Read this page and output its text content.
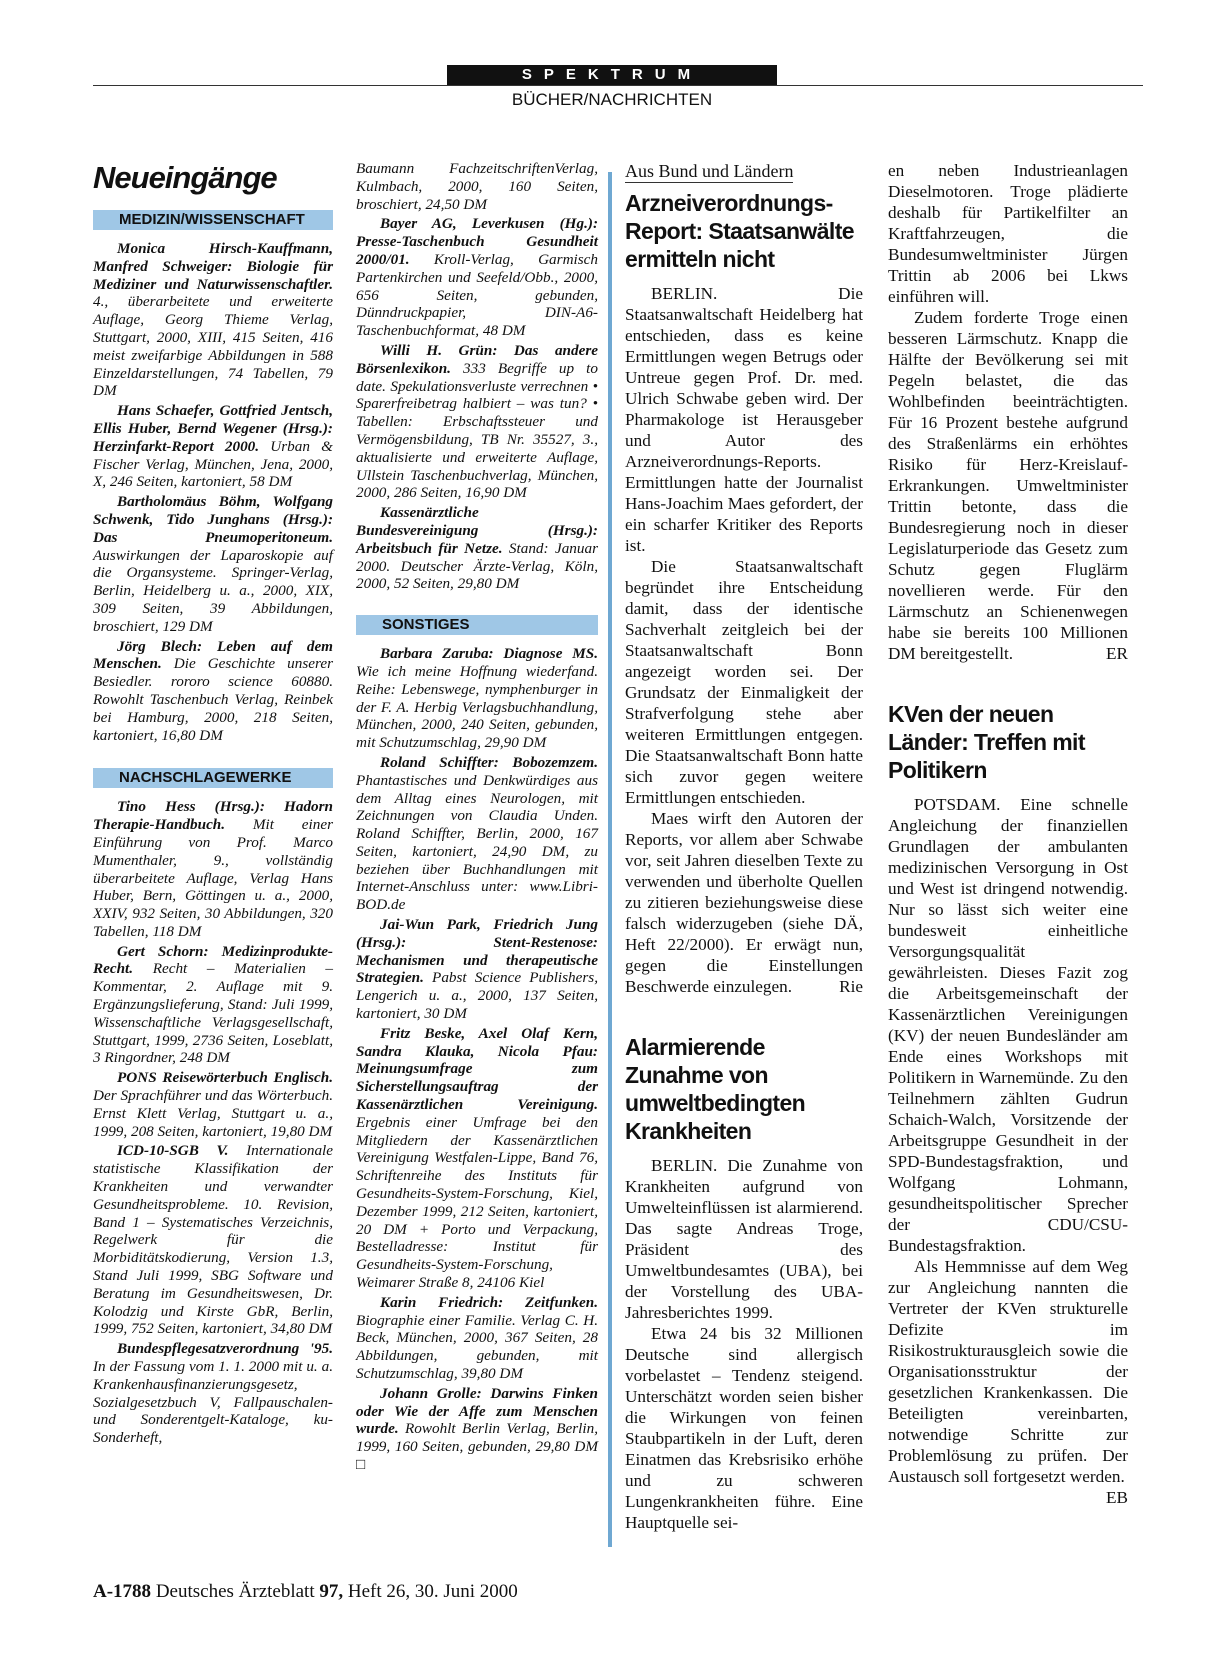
SPEKTRUM
BÜCHER/NACHRICHTEN
Neueingänge
MEDIZIN/WISSENSCHAFT

Monica Hirsch-Kauffmann, Manfred Schweiger: Biologie für Mediziner und Naturwissenschaftler. 4., überarbeitete und erweiterte Auflage, Georg Thieme Verlag, Stuttgart, 2000, XIII, 415 Seiten, 416 meist zweifarbige Abbildungen in 588 Einzeldarstellungen, 74 Tabellen, 79 DM

Hans Schaefer, Gottfried Jentsch, Ellis Huber, Bernd Wegener (Hrsg.): Herzinfarkt-Report 2000. Urban & Fischer Verlag, München, Jena, 2000, X, 246 Seiten, kartoniert, 58 DM

Bartholomäus Böhm, Wolfgang Schwenk, Tido Junghans (Hrsg.): Das Pneumoperitoneum. Auswirkungen der Laparoskopie auf die Organsysteme. Springer-Verlag, Berlin, Heidelberg u. a., 2000, XIX, 309 Seiten, 39 Abbildungen, broschiert, 129 DM

Jörg Blech: Leben auf dem Menschen. Die Geschichte unserer Besiedler. rororo science 60880. Rowohlt Taschenbuch Verlag, Reinbek bei Hamburg, 2000, 218 Seiten, kartoniert, 16,80 DM

NACHSCHLAGEWERKE

Tino Hess (Hrsg.): Hadorn Therapie-Handbuch. Mit einer Einführung von Prof. Marco Mumenthaler, 9., vollständig überarbeitete Auflage, Verlag Hans Huber, Bern, Göttingen u. a., 2000, XXIV, 932 Seiten, 30 Abbildungen, 320 Tabellen, 118 DM

Gert Schorn: Medizinprodukte-Recht. Recht – Materialien – Kommentar, 2. Auflage mit 9. Ergänzungslieferung, Stand: Juli 1999, Wissenschaftliche Verlagsgesellschaft, Stuttgart, 1999, 2736 Seiten, Loseblatt, 3 Ringordner, 248 DM

PONS Reisewörterbuch Englisch. Der Sprachführer und das Wörterbuch. Ernst Klett Verlag, Stuttgart u. a., 1999, 208 Seiten, kartoniert, 19,80 DM

ICD-10-SGB V. Internationale statistische Klassifikation der Krankheiten und verwandter Gesundheitsprobleme. 10. Revision, Band 1 – Systematisches Verzeichnis, Regelwerk für die Morbiditätskodierung, Version 1.3, Stand Juli 1999, SBG Software und Beratung im Gesundheitswesen, Dr. Kolodzig und Kirste GbR, Berlin, 1999, 752 Seiten, kartoniert, 34,80 DM

Bundespflegesatzverordnung '95. In der Fassung vom 1. 1. 2000 mit u. a. Krankenhausfinanzierungsgesetz, Sozialgesetzbuch V, Fallpauschalen- und Sonderentgelt-Kataloge, ku-Sonderheft,

Baumann FachzeitschriftenVerlag, Kulmbach, 2000, 160 Seiten, broschiert, 24,50 DM

Bayer AG, Leverkusen (Hg.): Presse-Taschenbuch Gesundheit 2000/01. Kroll-Verlag, Garmisch Partenkirchen und Seefeld/Obb., 2000, 656 Seiten, gebunden, Dünndruckpapier, DIN-A6-Taschenbuchformat, 48 DM

Willi H. Grün: Das andere Börsenlexikon. 333 Begriffe up to date. Spekulationsverluste verrechnen • Sparerfreibetrag halbiert – was tun? • Tabellen: Erbschaftssteuer und Vermögensbildung, TB Nr. 35527, 3., aktualisierte und erweiterte Auflage, Ullstein Taschenbuchverlag, München, 2000, 286 Seiten, 16,90 DM

Kassenärztliche Bundesvereinigung (Hrsg.): Arbeitsbuch für Netze. Stand: Januar 2000. Deutscher Ärzte-Verlag, Köln, 2000, 52 Seiten, 29,80 DM

SONSTIGES

Barbara Zaruba: Diagnose MS. Wie ich meine Hoffnung wiederfand. Reihe: Lebenswege, nymphenburger in der F. A. Herbig Verlagsbuchhandlung, München, 2000, 240 Seiten, gebunden, mit Schutzumschlag, 29,90 DM

Roland Schiffter: Bobozemzem. Phantastisches und Denkwürdiges aus dem Alltag eines Neurologen, mit Zeichnungen von Claudia Unden. Roland Schiffter, Berlin, 2000, 167 Seiten, kartoniert, 24,90 DM, zu beziehen über Buchhandlungen mit Internet-Anschluss unter: www.Libri-BOD.de

Jai-Wun Park, Friedrich Jung (Hrsg.): Stent-Restenose: Mechanismen und therapeutische Strategien. Pabst Science Publishers, Lengerich u. a., 2000, 137 Seiten, kartoniert, 30 DM

Fritz Beske, Axel Olaf Kern, Sandra Klauka, Nicola Pfau: Meinungsumfrage zum Sicherstellungsauftrag der Kassenärztlichen Vereinigung. Ergebnis einer Umfrage bei den Mitgliedern der Kassenärztlichen Vereinigung Westfalen-Lippe, Band 76, Schriftenreihe des Instituts für Gesundheits-System-Forschung, Kiel, Dezember 1999, 212 Seiten, kartoniert, 20 DM + Porto und Verpackung, Bestelladresse: Institut für Gesundheits-System-Forschung, Weimarer Straße 8, 24106 Kiel

Karin Friedrich: Zeitfunken. Biographie einer Familie. Verlag C. H. Beck, München, 2000, 367 Seiten, 28 Abbildungen, gebunden, mit Schutzumschlag, 39,80 DM

Johann Grolle: Darwins Finken oder Wie der Affe zum Menschen wurde. Rowohlt Berlin Verlag, Berlin, 1999, 160 Seiten, gebunden, 29,80 DM □

Aus Bund und Ländern
Arzneiverordnungs-Report: Staatsanwälte ermitteln nicht

BERLIN. Die Staatsanwaltschaft Heidelberg hat entschieden, dass es keine Ermittlungen wegen Betrugs oder Untreue gegen Prof. Dr. med. Ulrich Schwabe geben wird. Der Pharmakologe ist Herausgeber und Autor des Arzneiverordnungs-Reports. Ermittlungen hatte der Journalist Hans-Joachim Maes gefordert, der ein scharfer Kritiker des Reports ist.

Die Staatsanwaltschaft begründet ihre Entscheidung damit, dass der identische Sachverhalt zeitgleich bei der Staatsanwaltschaft Bonn angezeigt worden sei. Der Grundsatz der Einmaligkeit der Strafverfolgung stehe aber weiteren Ermittlungen entgegen. Die Staatsanwaltschaft Bonn hatte sich zuvor gegen weitere Ermittlungen entschieden.

Maes wirft den Autoren der Reports, vor allem aber Schwabe vor, seit Jahren dieselben Texte zu verwenden und überholte Quellen zu zitieren beziehungsweise diese falsch widerzugeben (siehe DÄ, Heft 22/2000). Er erwägt nun, gegen die Einstellungen Beschwerde einzulegen.	Rie

Alarmierende Zunahme von umweltbedingten Krankheiten

BERLIN. Die Zunahme von Krankheiten aufgrund von Umwelteinflüssen ist alarmierend. Das sagte Andreas Troge, Präsident des Umweltbundesamtes (UBA), bei der Vorstellung des UBA-Jahresberichtes 1999.

Etwa 24 bis 32 Millionen Deutsche sind allergisch vorbelastet – Tendenz steigend. Unterschätzt worden seien bisher die Wirkungen von feinen Staubpartikeln in der Luft, deren Einatmen das Krebsrisiko erhöhe und zu schweren Lungenkrankheiten führe. Eine Hauptquelle sei-

en neben Industrieanlagen Dieselmotoren. Troge plädierte deshalb für Partikelfilter an Kraftfahrzeugen, die Bundesumweltminister Jürgen Trittin ab 2006 bei Lkws einführen will.

Zudem forderte Troge einen besseren Lärmschutz. Knapp die Hälfte der Bevölkerung sei mit Pegeln belastet, die das Wohlbefinden beeinträchtigten. Für 16 Prozent bestehe aufgrund des Straßenlärms ein erhöhtes Risiko für Herz-Kreislauf-Erkrankungen. Umweltminister Trittin betonte, dass die Bundesregierung noch in dieser Legislaturperiode das Gesetz zum Schutz gegen Fluglärm novellieren werde. Für den Lärmschutz an Schienenwegen habe sie bereits 100 Millionen DM bereitgestellt.	ER

KVen der neuen Länder: Treffen mit Politikern

POTSDAM. Eine schnelle Angleichung der finanziellen Grundlagen der ambulanten medizinischen Versorgung in Ost und West ist dringend notwendig. Nur so lässt sich weiter eine bundesweit einheitliche Versorgungsqualität gewährleisten. Dieses Fazit zog die Arbeitsgemeinschaft der Kassenärztlichen Vereinigungen (KV) der neuen Bundesländer am Ende eines Workshops mit Politikern in Warnemünde. Zu den Teilnehmern zählten Gudrun Schaich-Walch, Vorsitzende der Arbeitsgruppe Gesundheit in der SPD-Bundestagsfraktion, und Wolfgang Lohmann, gesundheitspolitischer Sprecher der CDU/CSU-Bundestagsfraktion.

Als Hemmnisse auf dem Weg zur Angleichung nannten die Vertreter der KVen strukturelle Defizite im Risikostrukturausgleich sowie die Organisationsstruktur der gesetzlichen Krankenkassen. Die Beteiligten vereinbarten, notwendige Schritte zur Problemlösung zu prüfen. Der Austausch soll fortgesetzt werden.
EB

A-1788 Deutsches Ärzteblatt 97, Heft 26, 30. Juni 2000
